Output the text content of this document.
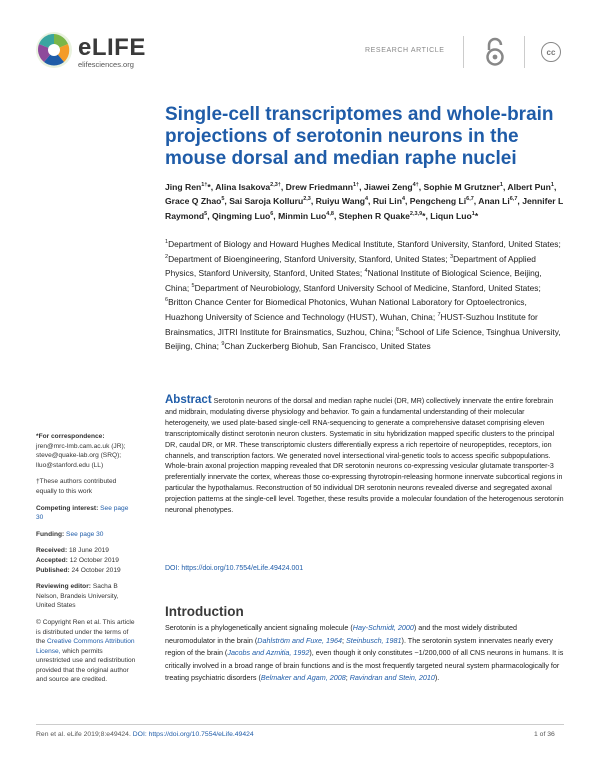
eLIFE
elifesciences.org
RESEARCH ARTICLE	cc
Single-cell transcriptomes and whole-brain projections of serotonin neurons in the mouse dorsal and median raphe nuclei
Jing Ren$^{1\dagger}$*, Alina Isakova$^{2,3\dagger}$, Drew Friedmann$^{1\dagger}$, Jiawei Zeng$^{4\dagger}$, Sophie M Grutzner$^1$, Albert Pun$^1$, Grace Q Zhao$^5$, Sai Saroja Kolluru$^{2,3}$, Ruiyu Wang$^4$, Rui Lin$^4$, Pengcheng Li$^{6,7}$, Anan Li$^{6,7}$, Jennifer L Raymond$^5$, Qingming Luo$^6$, Minmin Luo$^{4,8}$, Stephen R Quake$^{2,3,9}$*, Liqun Luo$^1$*
$^1$Department of Biology and Howard Hughes Medical Institute, Stanford University, Stanford, United States; $^2$Department of Bioengineering, Stanford University, Stanford, United States; $^3$Department of Applied Physics, Stanford University, Stanford, United States; $^4$National Institute of Biological Science, Beijing, China; $^5$Department of Neurobiology, Stanford University School of Medicine, Stanford, United States; $^6$Britton Chance Center for Biomedical Photonics, Wuhan National Laboratory for Optoelectronics, Huazhong University of Science and Technology (HUST), Wuhan, China; $^7$HUST-Suzhou Institute for Brainsmatics, JITRI Institute for Brainsmatics, Suzhou, China; $^8$School of Life Science, Tsinghua University, Beijing, China; $^9$Chan Zuckerberg Biohub, San Francisco, United States
Abstract Serotonin neurons of the dorsal and median raphe nuclei (DR, MR) collectively innervate the entire forebrain and midbrain, modulating diverse physiology and behavior. To gain a fundamental understanding of their molecular heterogeneity, we used plate-based single-cell RNA-sequencing to generate a comprehensive dataset comprising eleven transcriptomically distinct serotonin neuron clusters. Systematic in situ hybridization mapped specific clusters to the principal DR, caudal DR, or MR. These transcriptomic clusters differentially express a rich repertoire of neuropeptides, receptors, ion channels, and transcription factors. We generated novel intersectional viral-genetic tools to access specific subpopulations. Whole-brain axonal projection mapping revealed that DR serotonin neurons co-expressing vesicular glutamate transporter-3 preferentially innervate the cortex, whereas those co-expressing thyrotropin-releasing hormone innervate subcortical regions in particular the hypothalamus. Reconstruction of 50 individual DR serotonin neurons revealed diverse and segregated axonal projection patterns at the single-cell level. Together, these results provide a molecular foundation of the heterogenous serotonin neuronal phenotypes.
DOI: https://doi.org/10.7554/eLife.49424.001
Introduction
Serotonin is a phylogenetically ancient signaling molecule (Hay-Schmidt, 2000) and the most widely distributed neuromodulator in the brain (Dahlström and Fuxe, 1964; Steinbusch, 1981). The serotonin system innervates nearly every region of the brain (Jacobs and Azmitia, 1992), even though it only constitutes ~1/200,000 of all CNS neurons in humans. It is critically involved in a broad range of brain functions and is the most frequently targeted neural system pharmacologically for treating psychiatric disorders (Belmaker and Agam, 2008; Ravindran and Stein, 2010).

*For correspondence:
jren@mrc-lmb.cam.ac.uk (JR); steve@quake-lab.org (SRQ); lluo@stanford.edu (LL)

†These authors contributed equally to this work

Competing interest: See page 30

Funding: See page 30

Received: 18 June 2019
Accepted: 12 October 2019
Published: 24 October 2019

Reviewing editor: Sacha B Nelson, Brandeis University, United States

© Copyright Ren et al. This article is distributed under the terms of the Creative Commons Attribution License, which permits unrestricted use and redistribution provided that the original author and source are credited.

Ren et al. eLife 2019;8:e49424. DOI: https://doi.org/10.7554/eLife.49424	1 of 36
